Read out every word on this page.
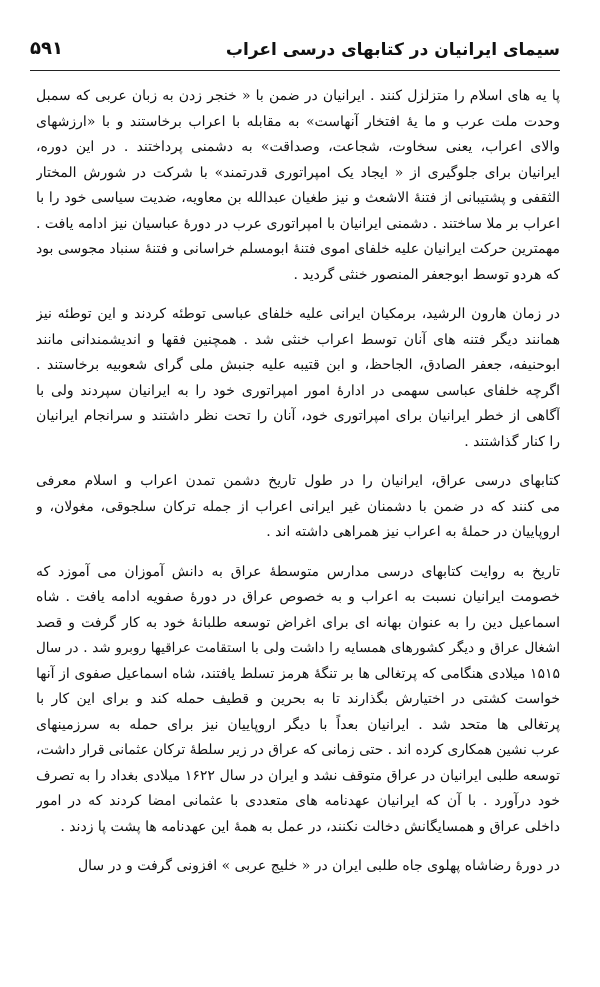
سیمای ایرانیان در کتابهای درسی اعراب
۵۹۱
پا یه های اسلام را متزلزل کنند . ایرانیان در ضمن با « خنجر زدن به زبان عربی که سمبل
وحدت ملت عرب و ما یهٔ افتخار آنهاست» به مقابله با اعراب برخاستند و با «ارزشهای
والای اعراب، یعنی سخاوت، شجاعت، وصداقت» به دشمنی پرداختند . در این دوره،
ایرانیان برای جلوگیری از « ایجاد یک امپراتوری قدرتمند» با شرکت در شورش المختار
الثقفی و پشتیبانی از فتنهٔ الاشعث و نیز طغیان عبدالله بن معاویه، ضدیت سیاسی خود را با
اعراب بر ملا ساختند . دشمنی ایرانیان با امپراتوری عرب در دورهٔ عباسیان نیز ادامه یافت .
مهمترین حرکت ایرانیان علیه خلفای اموی فتنهٔ ابومسلم خراسانی و فتنهٔ سنباد مجوسی بود
که هردو توسط ابوجعفر المنصور خنثی گردید .
در زمان هارون الرشید، برمکیان ایرانی علیه خلفای عباسی توطئه کردند و این توطئه نیز
همانند دیگر فتنه های آنان توسط اعراب خنثی شد . همچنین فقها و اندیشمندانی مانند
ابوحنیفه، جعفر الصادق، الجاحظ، و ابن قتیبه علیه جنبش ملی گرای شعوبیه برخاستند .
اگرچه خلفای عباسی سهمی در ادارهٔ امور امپراتوری خود را به ایرانیان سپردند ولی با
آگاهی از خطر ایرانیان برای امپراتوری خود، آنان را تحت نظر داشتند و سرانجام ایرانیان
را کنار گذاشتند .
کتابهای درسی عراق، ایرانیان را در طول تاریخ دشمن تمدن اعراب و اسلام معرفی
می کنند که در ضمن با دشمنان غیر ایرانی اعراب از جمله ترکان سلجوقی، مغولان، و
اروپاییان در حملهٔ به اعراب نیز همراهی داشته اند .
تاریخ به روایت کتابهای درسی مدارس متوسطهٔ عراق به دانش آموزان می آموزد که
خصومت ایرانیان نسبت به اعراب و به خصوص عراق در دورهٔ صفویه ادامه یافت . شاه
اسماعیل دین را به عنوان بهانه ای برای اغراض توسعه طلبانهٔ خود به کار گرفت و قصد
اشغال عراق و دیگر کشورهای همسایه را داشت ولی با استقامت عراقیها روبرو شد . در سال
۱۵۱۵ میلادی هنگامی که پرتغالی ها بر تنگهٔ هرمز تسلط یافتند، شاه اسماعیل صفوی از آنها
خواست کشتی در اختیارش بگذارند تا به بحرین و قطیف حمله کند و برای این کار با
پرتغالی ها متحد شد . ایرانیان بعداً با دیگر اروپاییان نیز برای حمله به سرزمینهای
عرب نشین همکاری کرده اند . حتی زمانی که عراق در زیر سلطهٔ ترکان عثمانی قرار داشت،
توسعه طلبی ایرانیان در عراق متوقف نشد و ایران در سال ۱۶۲۲ میلادی بغداد را به تصرف
خود درآورد . با آن که ایرانیان عهدنامه های متعددی با عثمانی امضا کردند که در امور
داخلی عراق و همسایگانش دخالت نکنند، در عمل به همهٔ این عهدنامه ها پشت پا زدند .
در دورهٔ رضاشاه پهلوی جاه طلبی ایران در « خلیج عربی » افزونی گرفت و در سال
